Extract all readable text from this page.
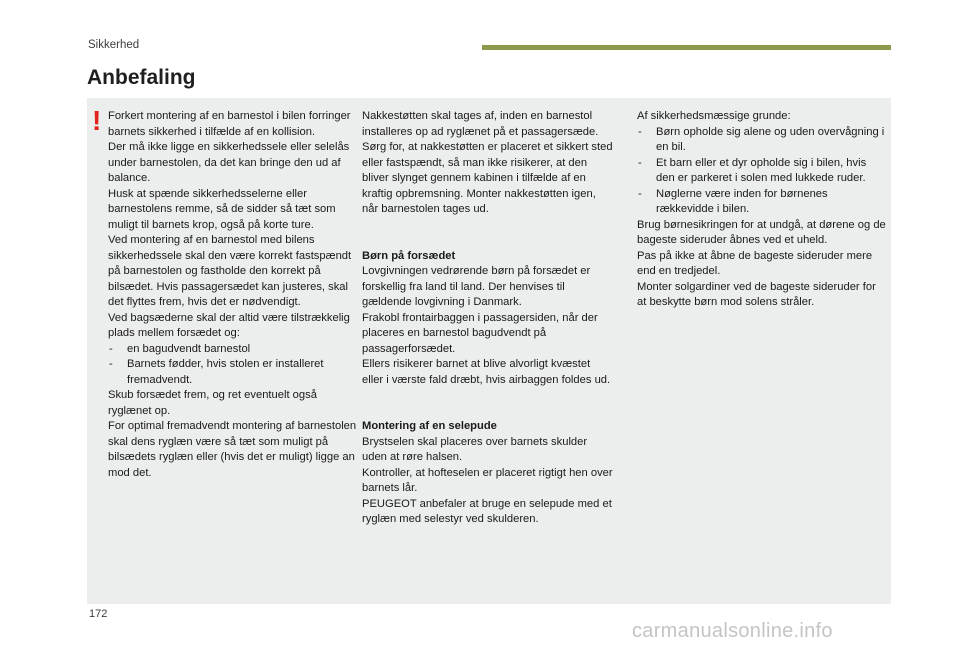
Sikkerhed
Anbefaling
! Forkert montering af en barnestol i bilen forringer barnets sikkerhed i tilfælde af en kollision.

Der må ikke ligge en sikkerhedssele eller selelås under barnestolen, da det kan bringe den ud af balance.

Husk at spænde sikkerhedsselerne eller barnestolens remme, så de sidder så tæt som muligt til barnets krop, også på korte ture.

Ved montering af en barnestol med bilens sikkerhedssele skal den være korrekt fastspændt på barnestolen og fastholde den korrekt på bilsædet. Hvis passagersædet kan justeres, skal det flyttes frem, hvis det er nødvendigt.

Ved bagsæderne skal der altid være tilstrækkelig plads mellem forsædet og:

- en bagudvendt barnestol
- Barnets fødder, hvis stolen er installeret fremadvendt.

Skub forsædet frem, og ret eventuelt også ryglænet op.

For optimal fremadvendt montering af barnestolen skal dens ryglæn være så tæt som muligt på bilsædets ryglæn eller (hvis det er muligt) ligge an mod det.

Nakkestøtten skal tages af, inden en barnestol installeres op ad ryglænet på et passagersæde.

Sørg for, at nakkestøtten er placeret et sikkert sted eller fastspændt, så man ikke risikerer, at den bliver slynget gennem kabinen i tilfælde af en kraftig opbremsning. Monter nakkestøtten igen, når barnestolen tages ud.

Børn på forsædet

Lovgivningen vedrørende børn på forsædet er forskellig fra land til land. Der henvises til gældende lovgivning i Danmark.

Frakobl frontairbaggen i passagersiden, når der placeres en barnestol bagudvendt på passagerforsædet.

Ellers risikerer barnet at blive alvorligt kvæstet eller i værste fald dræbt, hvis airbaggen foldes ud.

Montering af en selepude

Brystselen skal placeres over barnets skulder uden at røre halsen.

Kontroller, at hofteselen er placeret rigtigt hen over barnets lår.

PEUGEOT anbefaler at bruge en selepude med et ryglæn med selestyr ved skulderen.

Af sikkerhedsmæssige grunde:

- Børn opholde sig alene og uden overvågning i en bil.
- Et barn eller et dyr opholde sig i bilen, hvis den er parkeret i solen med lukkede ruder.
- Nøglerne være inden for børnenes rækkevidde i bilen.

Brug børnesikringen for at undgå, at dørene og de bageste sideruder åbnes ved et uheld.

Pas på ikke at åbne de bageste sideruder mere end en tredjedel.

Monter solgardiner ved de bageste sideruder for at beskytte børn mod solens stråler.

172
carmanualsonline.info
